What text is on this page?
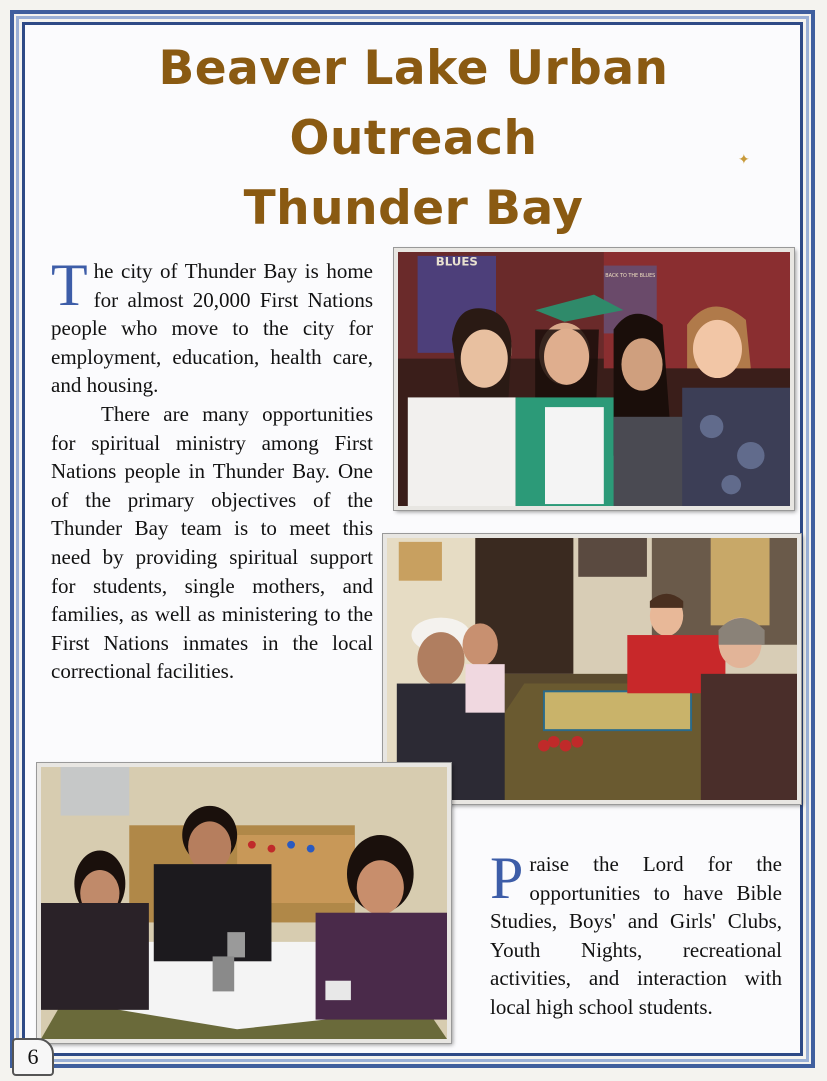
Beaver Lake Urban
Outreach
Thunder Bay
✦

The city of Thunder Bay is home for almost 20,000 First Nations people who move to the city for employment, education, health care, and housing.

There are many opportunities for spiritual ministry among First Nations people in Thunder Bay. One of the primary objectives of the Thunder Bay team is to meet this need by providing spiritual support for students, single mothers, and families, as well as ministering to the First Nations inmates in the local correctional facilities.

BLUES
BACK TO THE BLUES
Praise the Lord for the opportunities to have Bible Studies, Boys' and Girls' Clubs, Youth Nights, recreational activities, and interaction with local high school students.
6
